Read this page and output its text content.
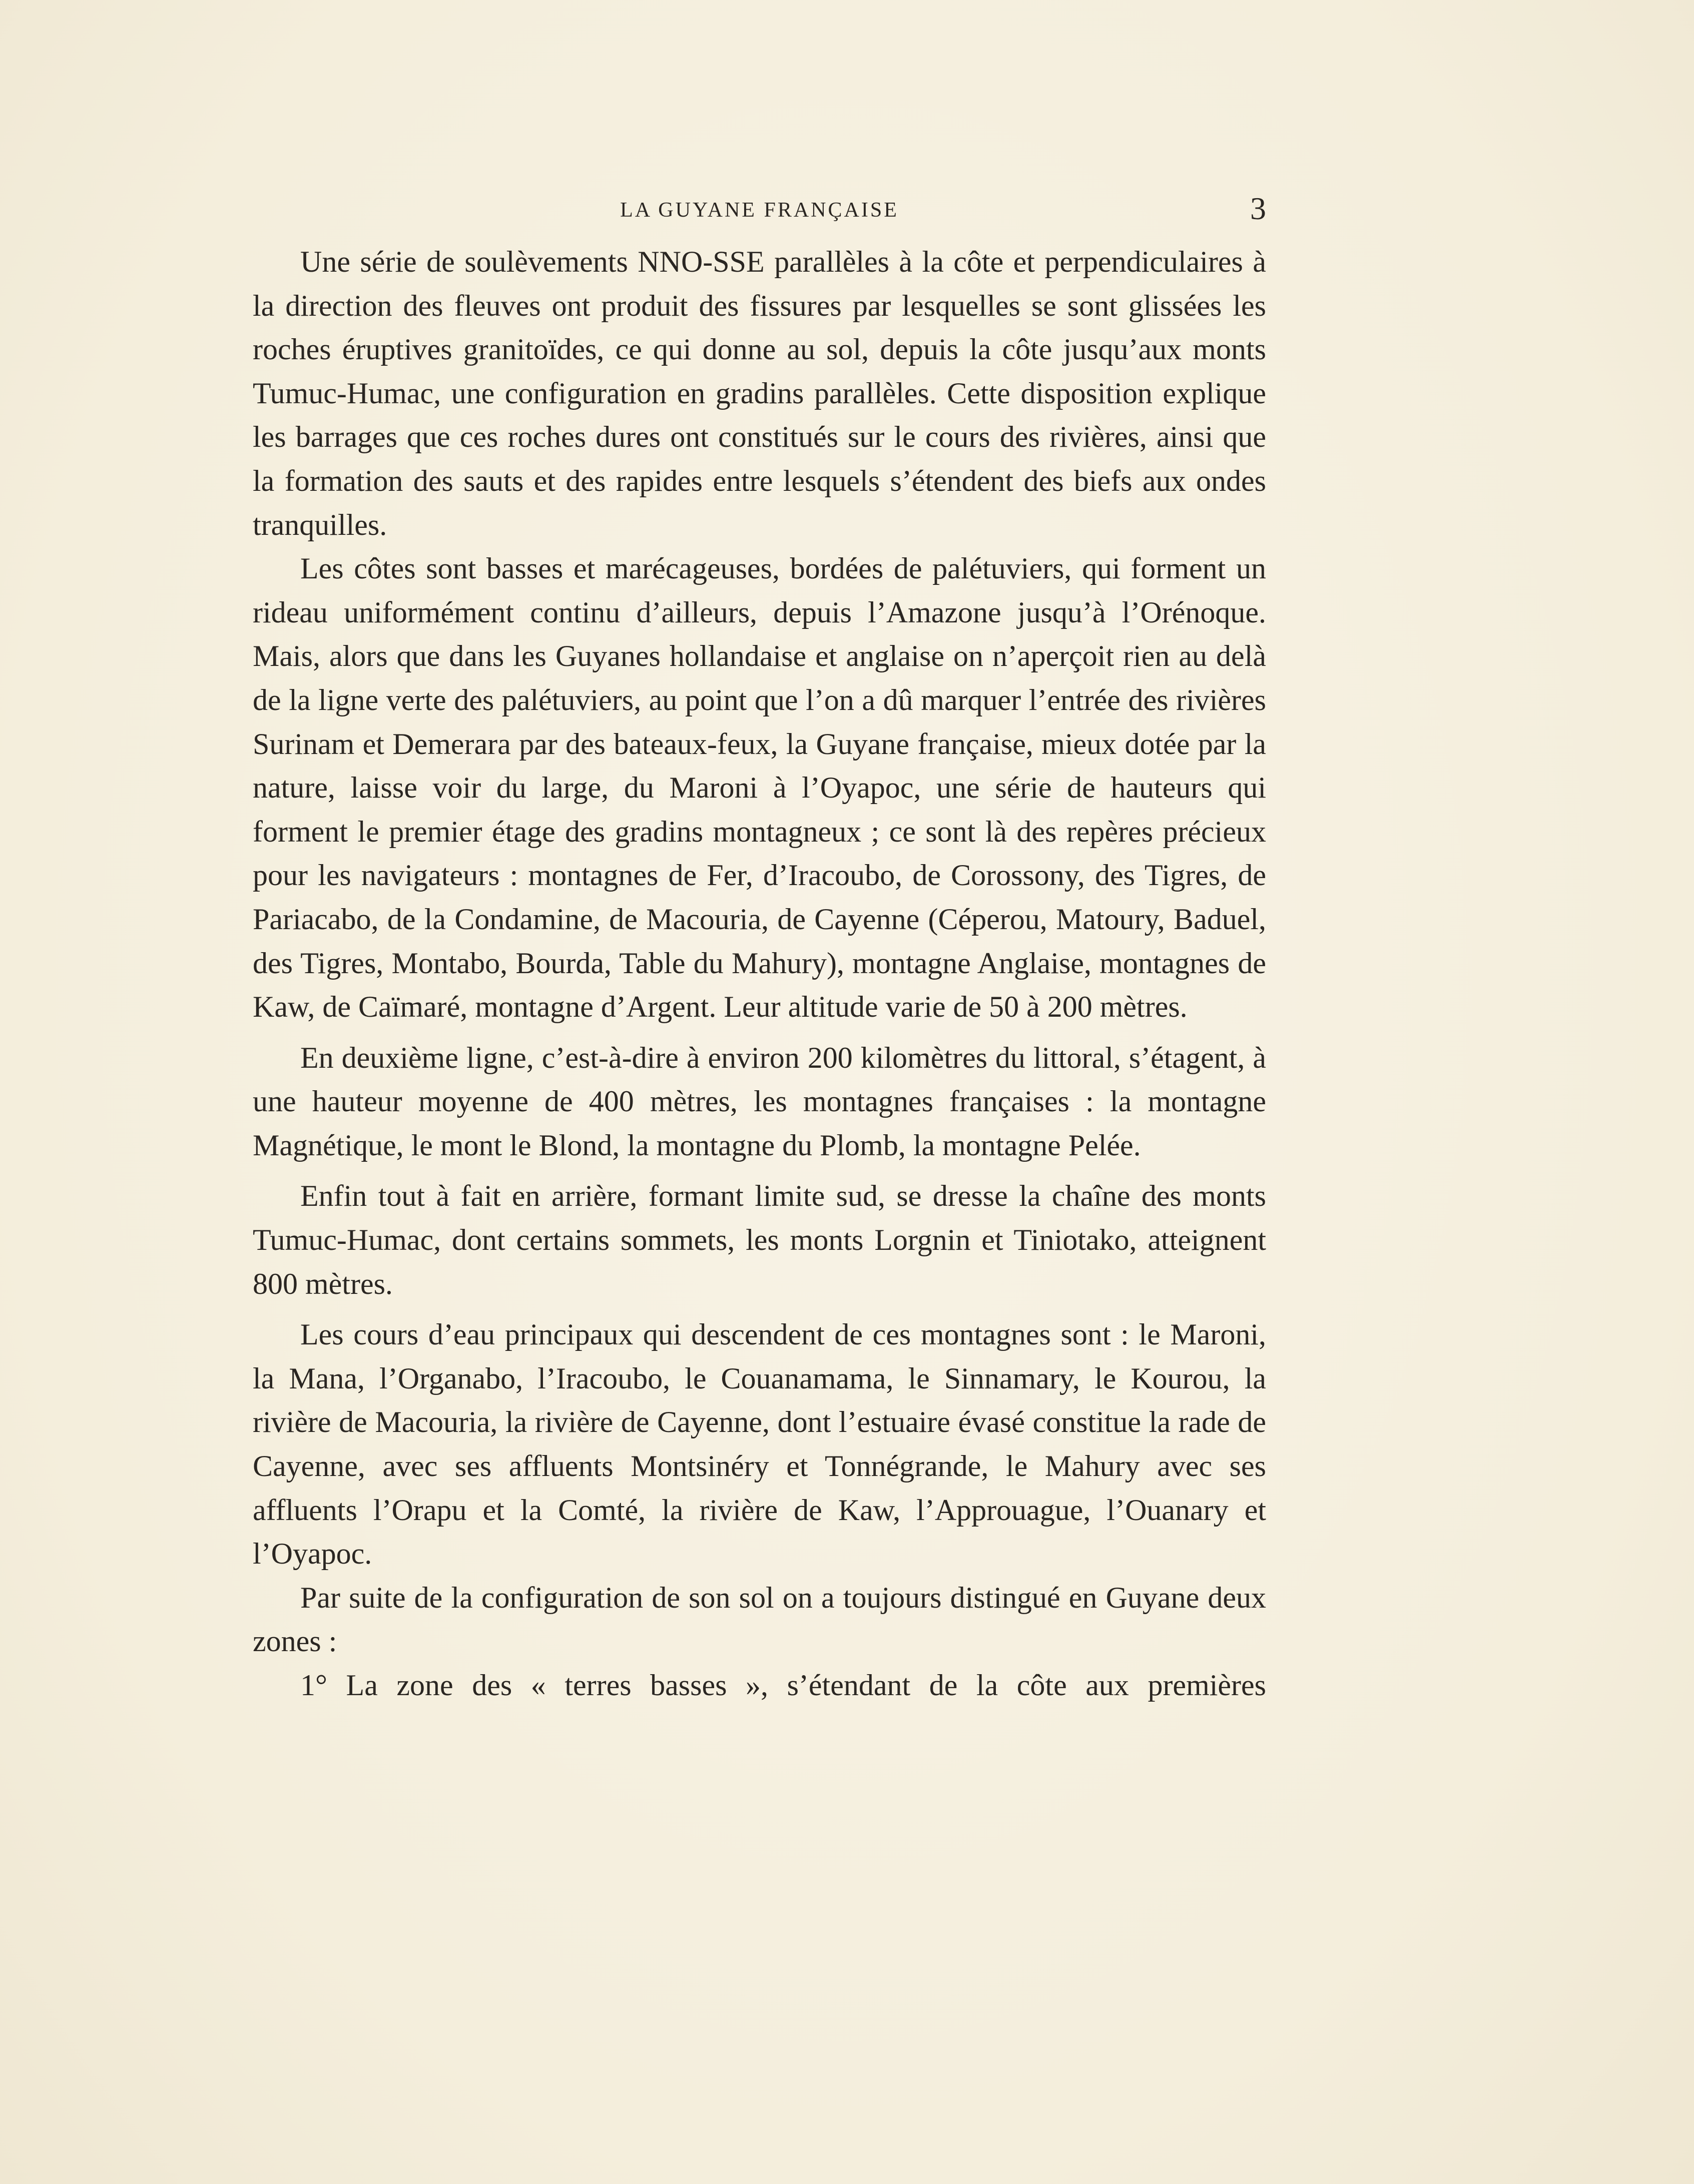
LA GUYANE FRANÇAISE	3

Une série de soulèvements NNO-SSE parallèles à la côte et perpendiculaires à la direction des fleuves ont produit des fissures par lesquelles se sont glissées les roches éruptives granitoïdes, ce qui donne au sol, depuis la côte jusqu’aux monts Tumuc-Humac, une configuration en gradins parallèles. Cette disposition explique les barrages que ces roches dures ont constitués sur le cours des rivières, ainsi que la formation des sauts et des rapides entre lesquels s’étendent des biefs aux ondes tranquilles.

Les côtes sont basses et marécageuses, bordées de palétuviers, qui forment un rideau uniformément continu d’ailleurs, depuis l’Amazone jusqu’à l’Orénoque. Mais, alors que dans les Guyanes hollandaise et anglaise on n’aperçoit rien au delà de la ligne verte des palétuviers, au point que l’on a dû marquer l’entrée des rivières Surinam et Demerara par des bateaux-feux, la Guyane française, mieux dotée par la nature, laisse voir du large, du Maroni à l’Oyapoc, une série de hauteurs qui forment le premier étage des gradins montagneux ; ce sont là des repères précieux pour les navigateurs : montagnes de Fer, d’Iracoubo, de Corossony, des Tigres, de Pariacabo, de la Condamine, de Macouria, de Cayenne (Céperou, Matoury, Baduel, des Tigres, Montabo, Bourda, Table du Mahury), montagne Anglaise, montagnes de Kaw, de Caïmaré, montagne d’Argent. Leur altitude varie de 50 à 200 mètres.

En deuxième ligne, c’est-à-dire à environ 200 kilomètres du littoral, s’étagent, à une hauteur moyenne de 400 mètres, les montagnes françaises : la montagne Magnétique, le mont le Blond, la montagne du Plomb, la montagne Pelée.

Enfin tout à fait en arrière, formant limite sud, se dresse la chaîne des monts Tumuc-Humac, dont certains sommets, les monts Lorgnin et Tiniotako, atteignent 800 mètres.

Les cours d’eau principaux qui descendent de ces montagnes sont : le Maroni, la Mana, l’Organabo, l’Iracoubo, le Couanamama, le Sinnamary, le Kourou, la rivière de Macouria, la rivière de Cayenne, dont l’estuaire évasé constitue la rade de Cayenne, avec ses affluents Montsinéry et Tonnégrande, le Mahury avec ses affluents l’Orapu et la Comté, la rivière de Kaw, l’Approuague, l’Ouanary et l’Oyapoc.

Par suite de la configuration de son sol on a toujours distingué en Guyane deux zones :

1° La zone des « terres basses », s’étendant de la côte aux premières
